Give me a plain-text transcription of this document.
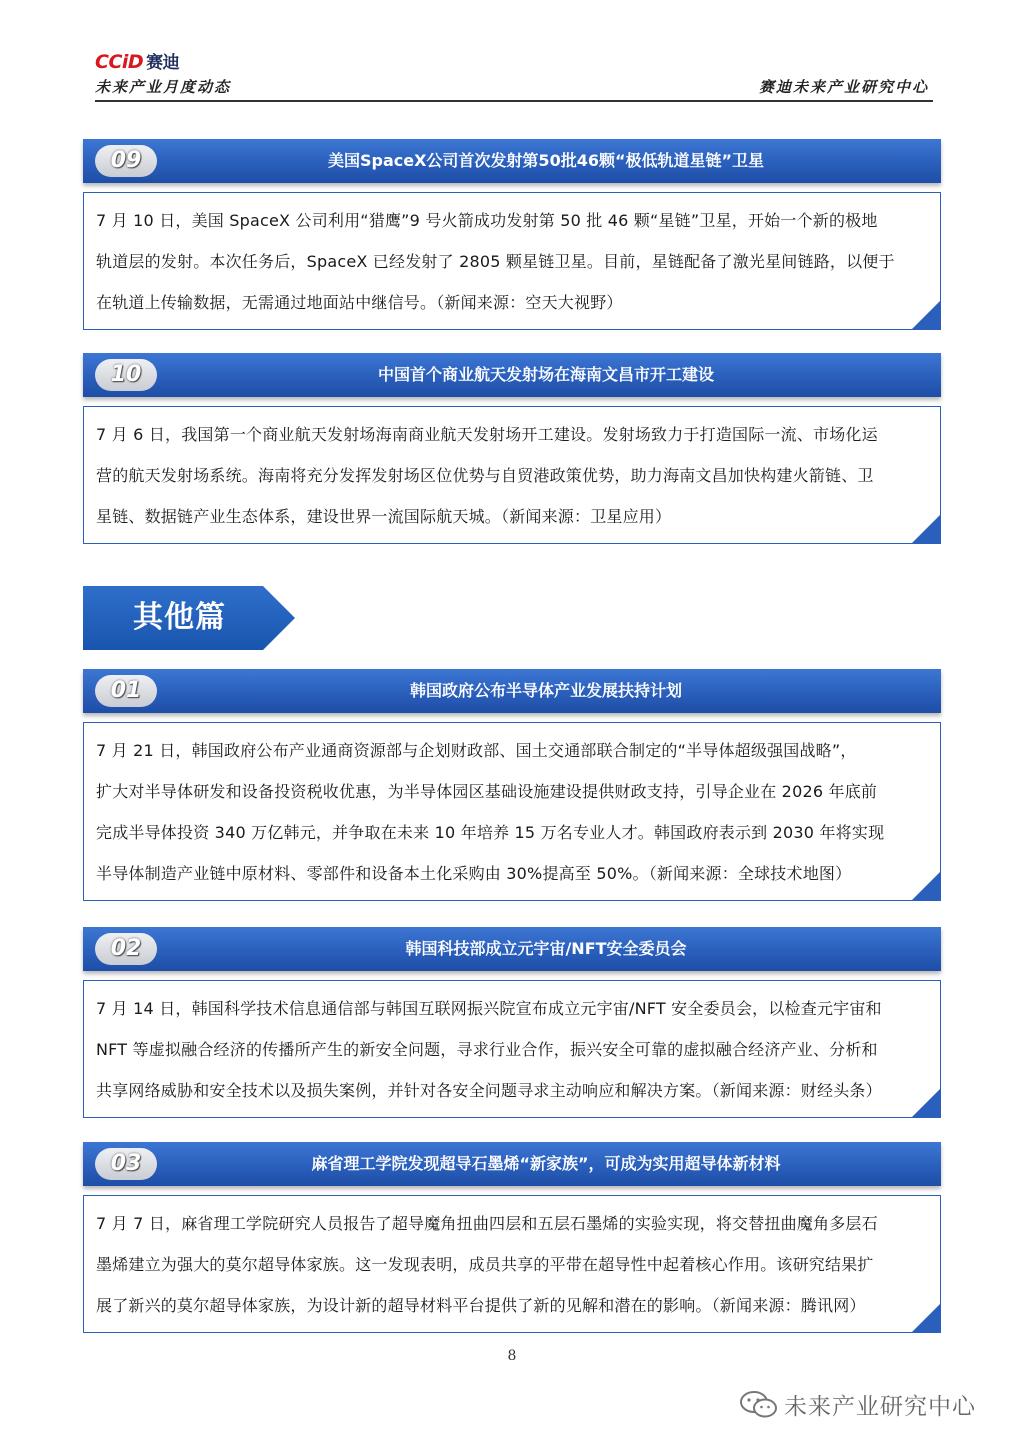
CCiD 赛迪
未来产业月度动态	赛迪未来产业研究中心
09	美国SpaceX公司首次发射第50批46颗“极低轨道星链”卫星
7 月 10 日，美国 SpaceX 公司利用“猎鹰”9 号火箭成功发射第 50 批 46 颗“星链”卫星，开始一个新的极地
轨道层的发射。本次任务后，SpaceX 已经发射了 2805 颗星链卫星。目前，星链配备了激光星间链路，以便于
在轨道上传输数据，无需通过地面站中继信号。（新闻来源：空天大视野）
10	中国首个商业航天发射场在海南文昌市开工建设
7 月 6 日，我国第一个商业航天发射场海南商业航天发射场开工建设。发射场致力于打造国际一流、市场化运
营的航天发射场系统。海南将充分发挥发射场区位优势与自贸港政策优势，助力海南文昌加快构建火箭链、卫
星链、数据链产业生态体系，建设世界一流国际航天城。（新闻来源：卫星应用）
其他篇
01	韩国政府公布半导体产业发展扶持计划
7 月 21 日，韩国政府公布产业通商资源部与企划财政部、国土交通部联合制定的“半导体超级强国战略”，
扩大对半导体研发和设备投资税收优惠，为半导体园区基础设施建设提供财政支持，引导企业在 2026 年底前
完成半导体投资 340 万亿韩元，并争取在未来 10 年培养 15 万名专业人才。韩国政府表示到 2030 年将实现
半导体制造产业链中原材料、零部件和设备本土化采购由 30%提高至 50%。（新闻来源：全球技术地图）
02	韩国科技部成立元宇宙/NFT安全委员会
7 月 14 日，韩国科学技术信息通信部与韩国互联网振兴院宣布成立元宇宙/NFT 安全委员会，以检查元宇宙和
NFT 等虚拟融合经济的传播所产生的新安全问题，寻求行业合作，振兴安全可靠的虚拟融合经济产业、分析和
共享网络威胁和安全技术以及损失案例，并针对各安全问题寻求主动响应和解决方案。（新闻来源：财经头条）
03	麻省理工学院发现超导石墨烯“新家族”，可成为实用超导体新材料
7 月 7 日，麻省理工学院研究人员报告了超导魔角扭曲四层和五层石墨烯的实验实现，将交替扭曲魔角多层石
墨烯建立为强大的莫尔超导体家族。这一发现表明，成员共享的平带在超导性中起着核心作用。该研究结果扩
展了新兴的莫尔超导体家族，为设计新的超导材料平台提供了新的见解和潜在的影响。（新闻来源：腾讯网）
8
未来产业研究中心
